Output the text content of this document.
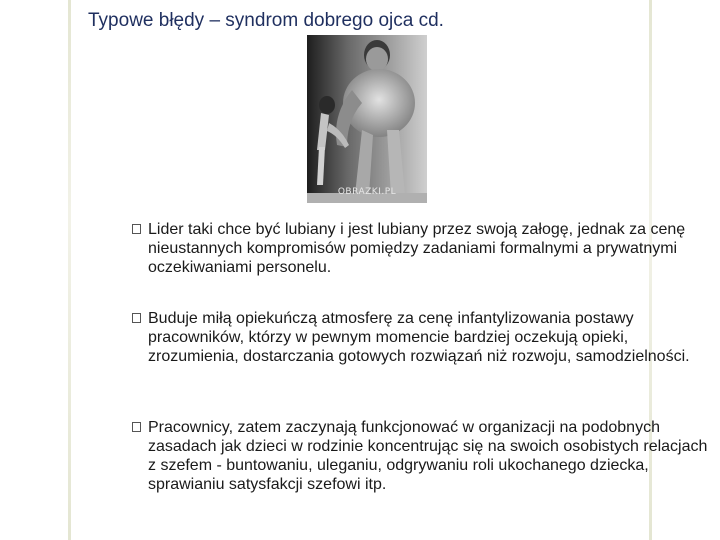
Typowe błędy – syndrom dobrego ojca cd.
OBRAZKI.PL
Lider taki chce być lubiany i jest lubiany przez swoją załogę, jednak za cenę nieustannych kompromisów pomiędzy zadaniami formalnymi a prywatnymi oczekiwaniami personelu.
Buduje miłą opiekuńczą atmosferę za cenę infantylizowania postawy pracowników, którzy w pewnym momencie bardziej oczekują opieki, zrozumienia, dostarczania gotowych rozwiązań niż rozwoju, samodzielności.
Pracownicy, zatem zaczynają funkcjonować w organizacji na podobnych zasadach jak dzieci w rodzinie koncentrując się na swoich osobistych relacjach z szefem - buntowaniu, uleganiu, odgrywaniu roli ukochanego dziecka, sprawianiu satysfakcji szefowi itp.
